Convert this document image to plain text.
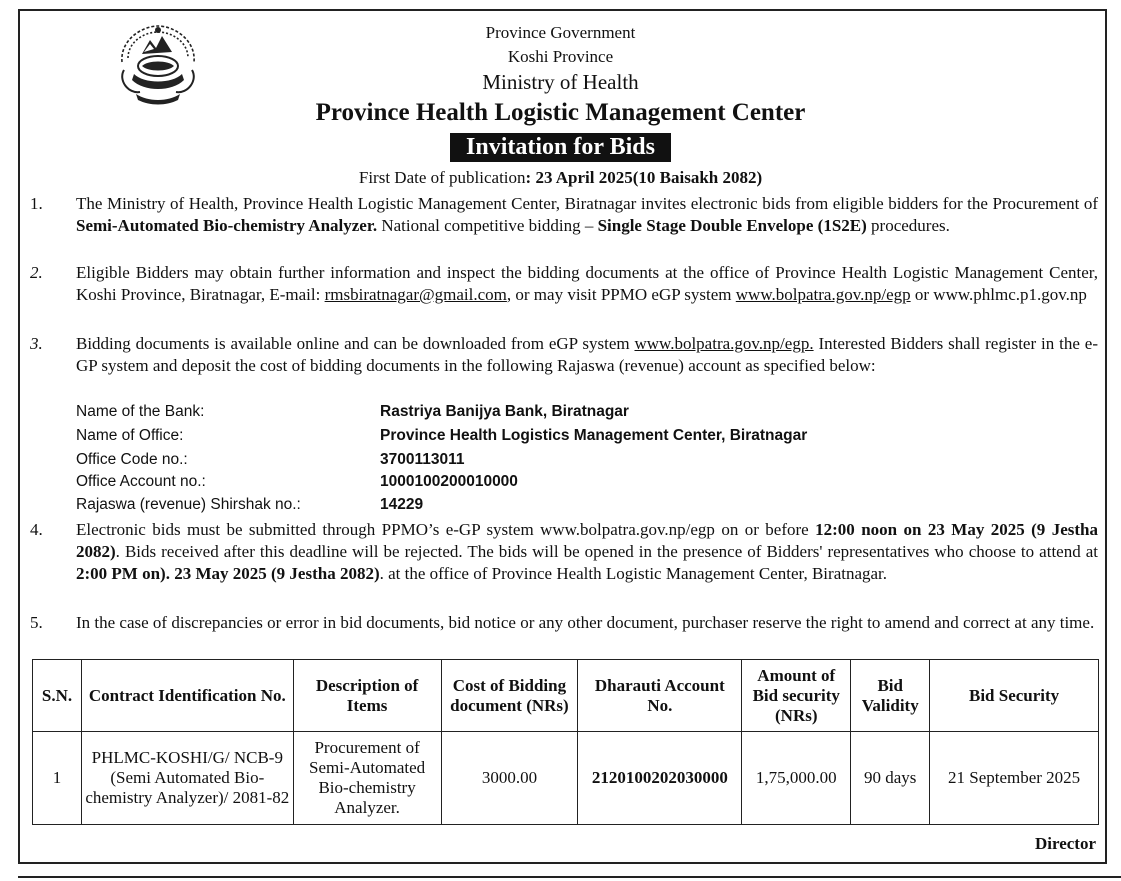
Province Government
Koshi Province
Ministry of Health
Province Health Logistic Management Center
Invitation for Bids
First Date of publication: 23 April 2025(10 Baisakh 2082)
1.	The Ministry of Health, Province Health Logistic Management Center, Biratnagar invites electronic bids from eligible bidders for the Procurement of Semi-Automated Bio-chemistry Analyzer. National competitive bidding – Single Stage Double Envelope (1S2E) procedures.
2.	Eligible Bidders may obtain further information and inspect the bidding documents at the office of Province Health Logistic Management Center, Koshi Province, Biratnagar, E-mail: rmsbiratnagar@gmail.com, or may visit PPMO eGP system www.bolpatra.gov.np/egp or www.phlmc.p1.gov.np
3.	Bidding documents is available online and can be downloaded from eGP system www.bolpatra.gov.np/egp. Interested Bidders shall register in the e-GP system and deposit the cost of bidding documents in the following Rajaswa (revenue) account as specified below:
Name of the Bank:	Rastriya Banijya Bank, Biratnagar
Name of Office:	Province Health Logistics Management Center, Biratnagar
Office Code no.:	3700113011
Office Account no.:	1000100200010000
Rajaswa (revenue) Shirshak no.:	14229
4.	Electronic bids must be submitted through PPMO’s e-GP system www.bolpatra.gov.np/egp on or before 12:00 noon on 23 May 2025 (9 Jestha 2082). Bids received after this deadline will be rejected. The bids will be opened in the presence of Bidders' representatives who choose to attend at 2:00 PM on). 23 May 2025 (9 Jestha 2082). at the office of Province Health Logistic Management Center, Biratnagar.
5.	In the case of discrepancies or error in bid documents, bid notice or any other document, purchaser reserve the right to amend and correct at any time.
S.N.	Contract Identification No.	Description of Items	Cost of Bidding document (NRs)	Dharauti Account No.	Amount of Bid security (NRs)	Bid Validity	Bid Security
1	PHLMC-KOSHI/G/ NCB-9 (Semi Automated Bio-chemistry Analyzer)/ 2081-82	Procurement of Semi-Automated Bio-chemistry Analyzer.	3000.00	2120100202030000	1,75,000.00	90 days	21 September 2025
Director
